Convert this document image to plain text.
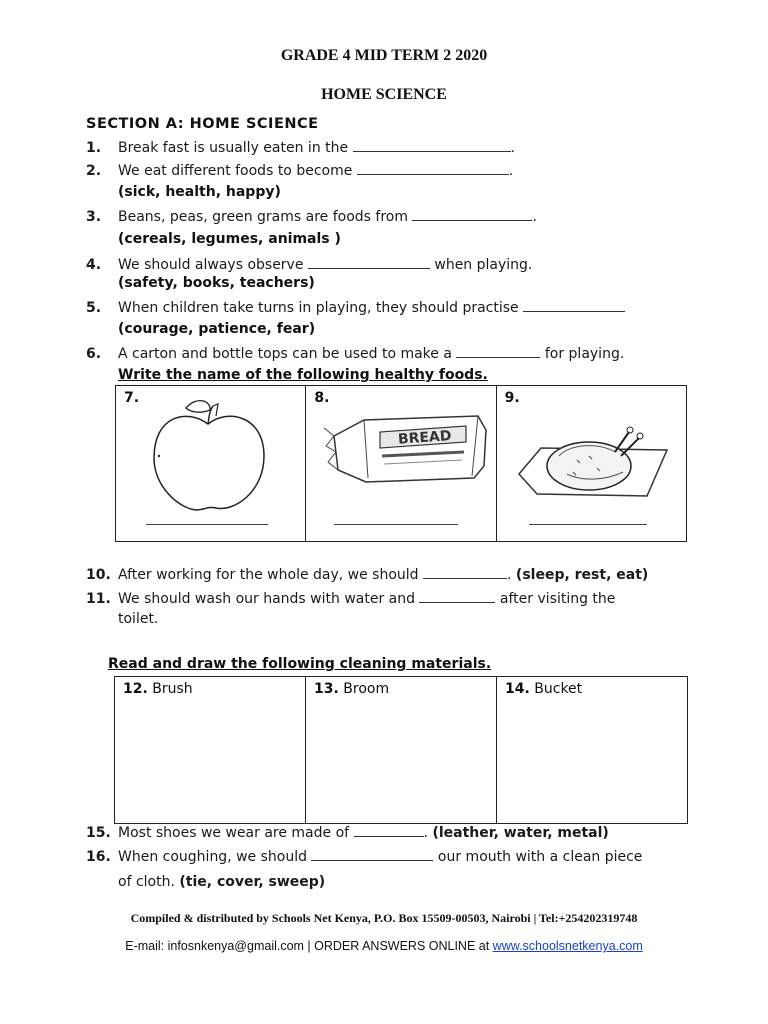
GRADE 4 MID TERM 2 2020
HOME SCIENCE
SECTION A: HOME SCIENCE
1. Break fast is usually eaten in the	.
2. We eat different foods to become	.
(sick, health, happy)
3. Beans, peas, green grams are foods from	.
(cereals, legumes, animals )
4. We should always observe	when playing.
(safety, books, teachers)
5. When children take turns in playing, they should practise
(courage, patience, fear)
6. A carton and bottle tops can be used to make a	for playing.
Write the name of the following healthy foods.
7.	8.
BREAD
9.
10. After working for the whole day, we should	. (sleep, rest, eat)
11. We should wash our hands with water and	after visiting the
toilet.
Read and draw the following cleaning materials.
12. Brush	13. Broom	14. Bucket
15. Most shoes we wear are made of	. (leather, water, metal)
16. When coughing, we should	our mouth with a clean piece
of cloth. (tie, cover, sweep)
Compiled & distributed by Schools Net Kenya, P.O. Box 15509-00503, Nairobi | Tel:+254202319748
E-mail: infosnkenya@gmail.com | ORDER ANSWERS ONLINE at www.schoolsnetkenya.com
